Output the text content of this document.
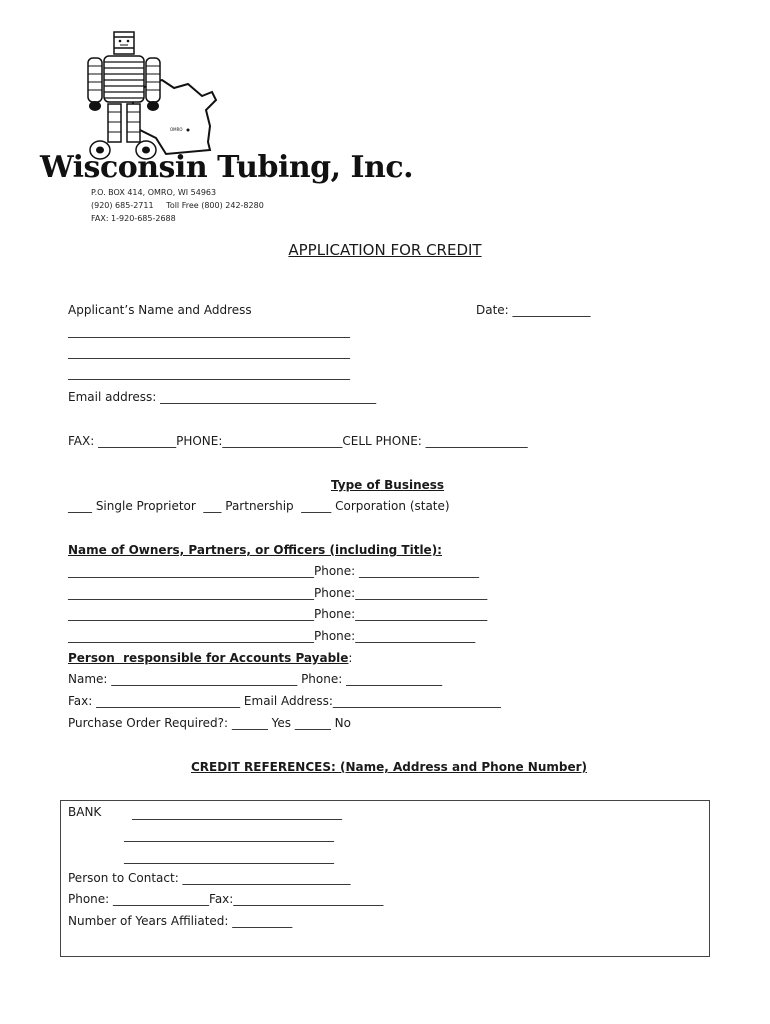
OMRO
Wisconsin Tubing, Inc.
P.O. BOX 414, OMRO, WI 54963
(920) 685-2711     Toll Free (800) 242-8280
FAX: 1-920-685-2688
APPLICATION FOR CREDIT
Applicant’s Name and Address	Date: _____________
_______________________________________________
_______________________________________________
_______________________________________________
Email address: ____________________________________
FAX: _____________PHONE:____________________CELL PHONE: _________________
Type of Business
____ Single Proprietor  ___ Partnership  _____ Corporation (state)
Name of Owners, Partners, or Officers (including Title):
_________________________________________Phone: ____________________
_________________________________________Phone:______________________
_________________________________________Phone:______________________
_________________________________________Phone:____________________
Person  responsible for Accounts Payable:
Name: _______________________________ Phone: ________________
Fax: ________________________ Email Address:____________________________
Purchase Order Required?: ______ Yes ______ No
CREDIT REFERENCES: (Name, Address and Phone Number)
BANK	___________________________________
___________________________________
___________________________________
Person to Contact: ____________________________
Phone: ________________Fax:_________________________
Number of Years Affiliated: __________
